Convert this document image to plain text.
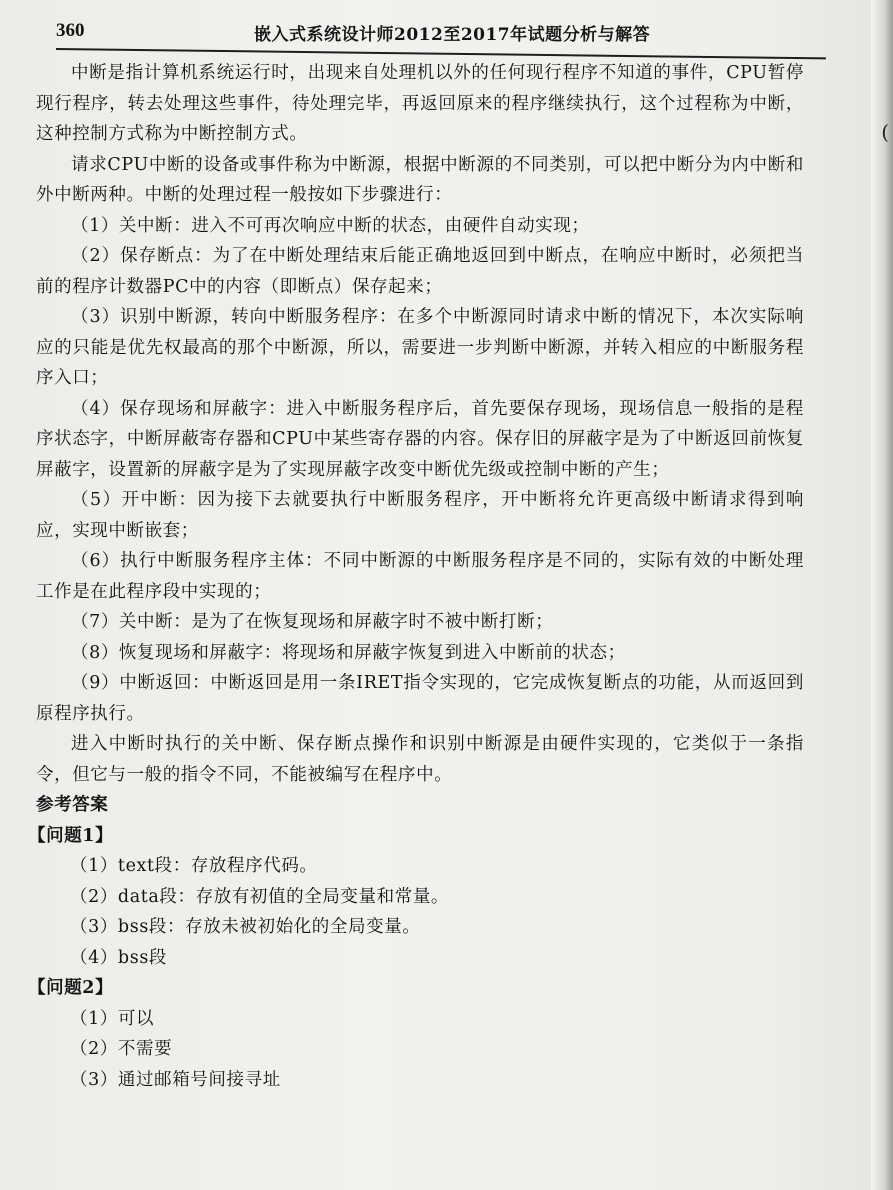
(
360	嵌入式系统设计师2012至2017年试题分析与解答

中断是指计算机系统运行时，出现来自处理机以外的任何现行程序不知道的事件，CPU暂停现行程序，转去处理这些事件，待处理完毕，再返回原来的程序继续执行，这个过程称为中断，这种控制方式称为中断控制方式。

请求CPU中断的设备或事件称为中断源，根据中断源的不同类别，可以把中断分为内中断和外中断两种。中断的处理过程一般按如下步骤进行：

（1）关中断：进入不可再次响应中断的状态，由硬件自动实现；

（2）保存断点：为了在中断处理结束后能正确地返回到中断点，在响应中断时，必须把当前的程序计数器PC中的内容（即断点）保存起来；

（3）识别中断源，转向中断服务程序：在多个中断源同时请求中断的情况下，本次实际响应的只能是优先权最高的那个中断源，所以，需要进一步判断中断源，并转入相应的中断服务程序入口；

（4）保存现场和屏蔽字：进入中断服务程序后，首先要保存现场，现场信息一般指的是程序状态字，中断屏蔽寄存器和CPU中某些寄存器的内容。保存旧的屏蔽字是为了中断返回前恢复屏蔽字，设置新的屏蔽字是为了实现屏蔽字改变中断优先级或控制中断的产生；

（5）开中断：因为接下去就要执行中断服务程序，开中断将允许更高级中断请求得到响应，实现中断嵌套；

（6）执行中断服务程序主体：不同中断源的中断服务程序是不同的，实际有效的中断处理工作是在此程序段中实现的；

（7）关中断：是为了在恢复现场和屏蔽字时不被中断打断；

（8）恢复现场和屏蔽字：将现场和屏蔽字恢复到进入中断前的状态；

（9）中断返回：中断返回是用一条IRET指令实现的，它完成恢复断点的功能，从而返回到原程序执行。

进入中断时执行的关中断、保存断点操作和识别中断源是由硬件实现的，它类似于一条指令，但它与一般的指令不同，不能被编写在程序中。

参考答案

【问题1】

（1）text段：存放程序代码。

（2）data段：存放有初值的全局变量和常量。

（3）bss段：存放未被初始化的全局变量。

（4）bss段

【问题2】

（1）可以

（2）不需要

（3）通过邮箱号间接寻址
